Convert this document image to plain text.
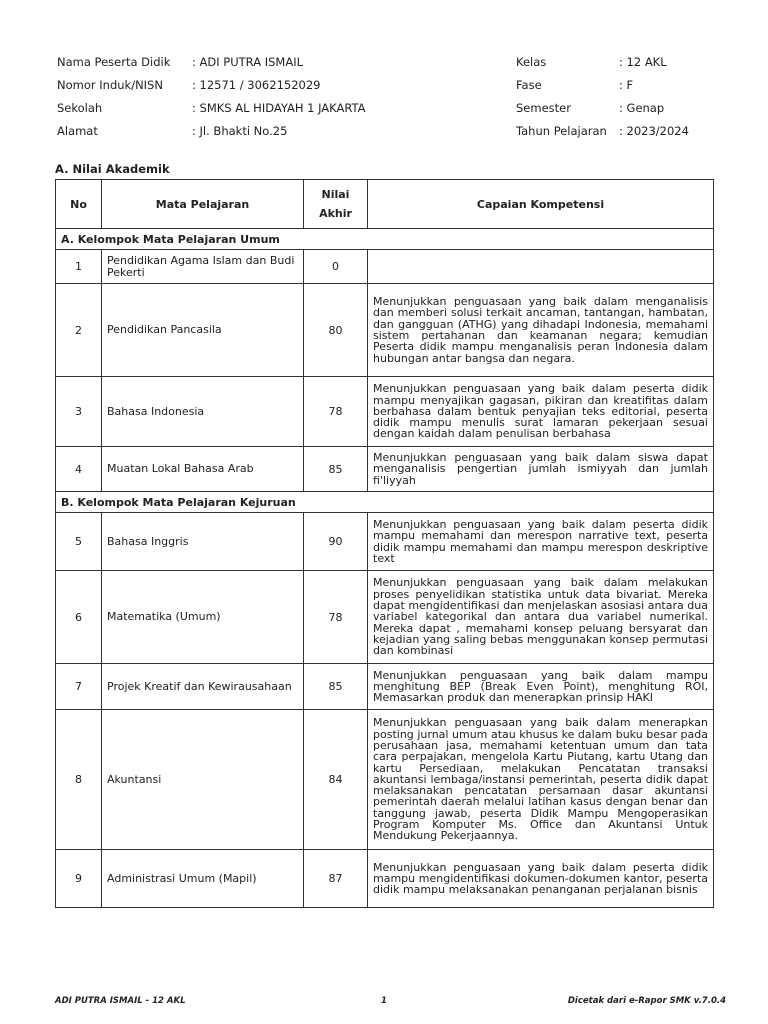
Nama Peserta Didik : ADI PUTRA ISMAIL
Nomor Induk/NISN	: 12571 / 3062152029
Sekolah	: SMKS AL HIDAYAH 1 JAKARTA
Alamat	: Jl. Bhakti No.25
Kelas	: 12 AKL
Fase	: F
Semester	: Genap
Tahun Pelajaran : 2023/2024
A. Nilai Akademik
No	Mata Pelajaran	Nilai Akhir	Capaian Kompetensi
A. Kelompok Mata Pelajaran Umum			
1	Pendidikan Agama Islam dan Budi Pekerti	0	
2	Pendidikan Pancasila	80	Menunjukkan penguasaan yang baik dalam menganalisis dan memberi solusi terkait ancaman, tantangan, hambatan, dan gangguan (ATHG) yang dihadapi Indonesia, memahami sistem pertahanan dan keamanan negara; kemudian Peserta didik mampu menganalisis peran Indonesia dalam hubungan antar bangsa dan negara.
3	Bahasa Indonesia	78	Menunjukkan penguasaan yang baik dalam peserta didik mampu menyajikan gagasan, pikiran dan kreatifitas dalam berbahasa dalam bentuk penyajian teks editorial, peserta didik mampu menulis surat lamaran pekerjaan sesuai dengan kaidah dalam penulisan berbahasa
4	Muatan Lokal Bahasa Arab	85	Menunjukkan penguasaan yang baik dalam siswa dapat menganalisis pengertian jumlah ismiyyah dan jumlah fi'liyyah
B. Kelompok Mata Pelajaran Kejuruan			
5	Bahasa Inggris	90	Menunjukkan penguasaan yang baik dalam peserta didik mampu memahami dan merespon narrative text, peserta didik mampu memahami dan mampu merespon deskriptive text
6	Matematika (Umum)	78	Menunjukkan penguasaan yang baik dalam melakukan proses penyelidikan statistika untuk data bivariat. Mereka dapat mengidentifikasi dan menjelaskan asosiasi antara dua variabel kategorikal dan antara dua variabel numerikal. Mereka dapat , memahami konsep peluang bersyarat dan kejadian yang saling bebas menggunakan konsep permutasi dan kombinasi
7	Projek Kreatif dan Kewirausahaan	85	Menunjukkan penguasaan yang baik dalam mampu menghitung BEP (Break Even Point), menghitung ROI, Memasarkan produk dan menerapkan prinsip HAKI
8	Akuntansi	84	Menunjukkan penguasaan yang baik dalam menerapkan posting jurnal umum atau khusus ke dalam buku besar pada perusahaan jasa, memahami ketentuan umum dan tata cara perpajakan, mengelola Kartu Piutang, kartu Utang dan kartu Persediaan, melakukan Pencatatan transaksi akuntansi lembaga/instansi pemerintah, peserta didik dapat melaksanakan pencatatan persamaan dasar akuntansi pemerintah daerah melalui latihan kasus dengan benar dan tanggung jawab, peserta Didik Mampu Mengoperasikan Program Komputer Ms. Office dan Akuntansi Untuk Mendukung Pekerjaannya.
9	Administrasi Umum (Mapil)	87	Menunjukkan penguasaan yang baik dalam peserta didik mampu mengidentifikasi dokumen-dokumen kantor, peserta didik mampu melaksanakan penanganan perjalanan bisnis
ADI PUTRA ISMAIL - 12 AKL	1	Dicetak dari e-Rapor SMK v.7.0.4
